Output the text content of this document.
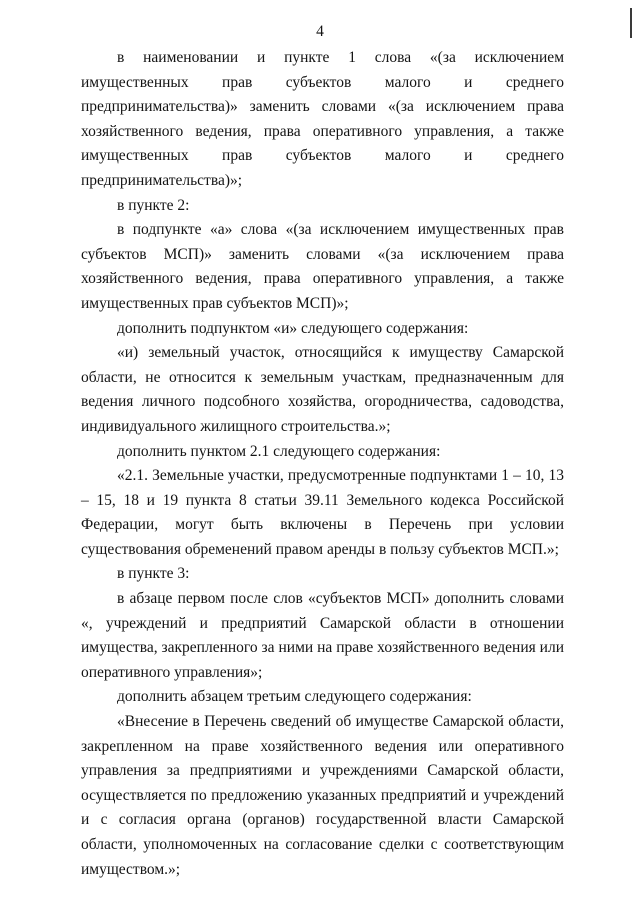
4

в наименовании и пункте 1 слова «(за исключением имущественных прав субъектов малого и среднего предпринимательства)» заменить словами «(за исключением права хозяйственного ведения, права оперативного управления, а также имущественных прав субъектов малого и среднего предпринимательства)»;

в пункте 2:

в подпункте «а» слова «(за исключением имущественных прав субъектов МСП)» заменить словами «(за исключением права хозяйственного ведения, права оперативного управления, а также имущественных прав субъектов МСП)»;

дополнить подпунктом «и» следующего содержания:

«и) земельный участок, относящийся к имуществу Самарской области, не относится к земельным участкам, предназначенным для ведения личного подсобного хозяйства, огородничества, садоводства, индивидуального жилищного строительства.»;

дополнить пунктом 2.1 следующего содержания:

«2.1. Земельные участки, предусмотренные подпунктами 1 – 10, 13 – 15, 18 и 19 пункта 8 статьи 39.11 Земельного кодекса Российской Федерации, могут быть включены в Перечень при условии существования обременений правом аренды в пользу субъектов МСП.»;

в пункте 3:

в абзаце первом после слов «субъектов МСП» дополнить словами «, учреждений и предприятий Самарской области в отношении имущества, закрепленного за ними на праве хозяйственного ведения или оперативного управления»;

дополнить абзацем третьим следующего содержания:

«Внесение в Перечень сведений об имуществе Самарской области, закрепленном на праве хозяйственного ведения или оперативного управления за предприятиями и учреждениями Самарской области, осуществляется по предложению указанных предприятий и учреждений и с согласия органа (органов) государственной власти Самарской области, уполномоченных на согласование сделки с соответствующим имуществом.»;
